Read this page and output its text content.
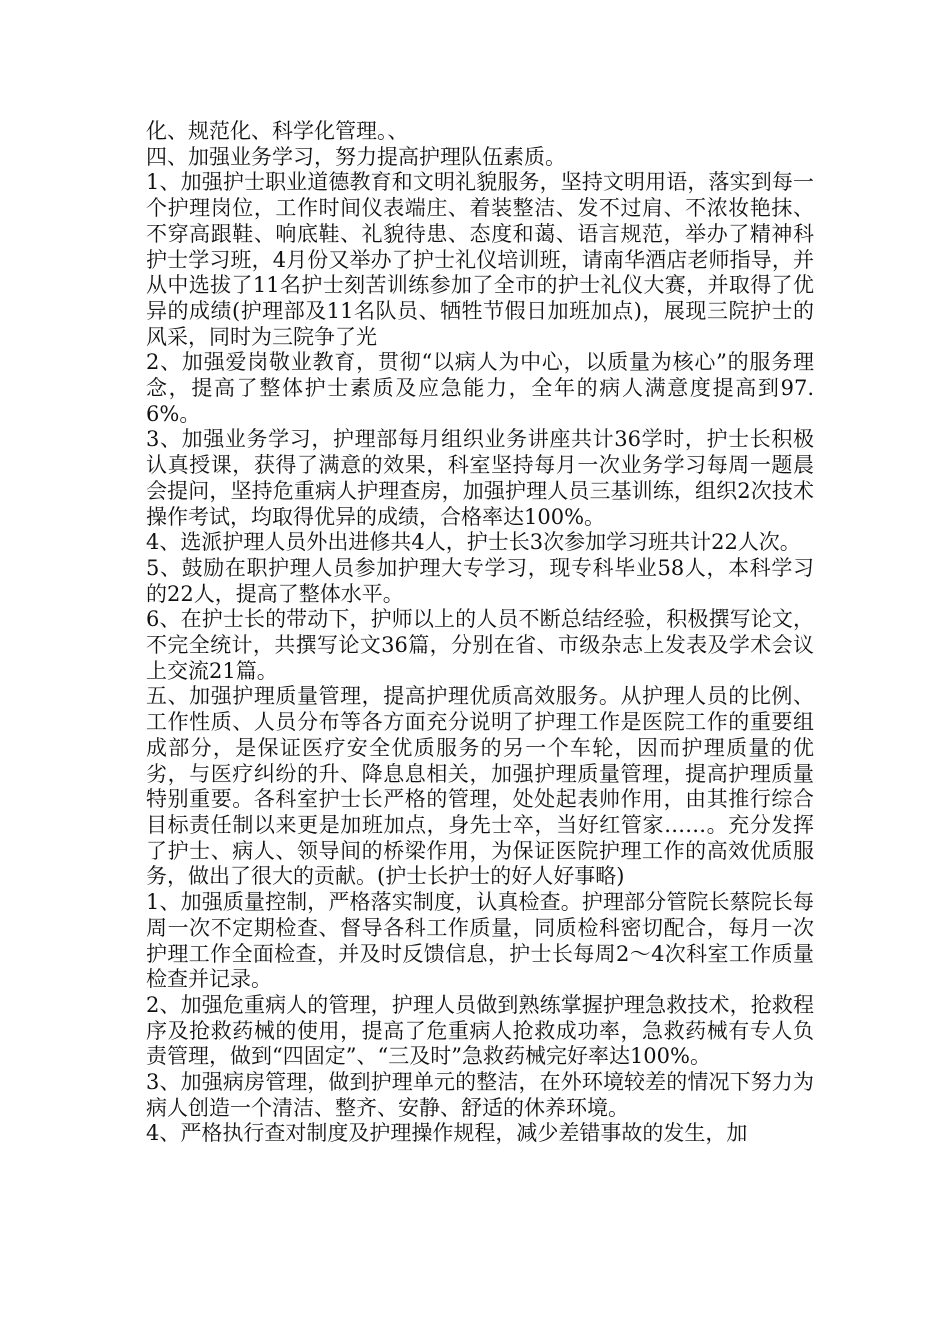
化、规范化、科学化管理。、

四、加强业务学习，努力提高护理队伍素质。

1、加强护士职业道德教育和文明礼貌服务，坚持文明用语，落实到每一个护理岗位，工作时间仪表端庄、着装整洁、发不过肩、不浓妆艳抹、不穿高跟鞋、响底鞋、礼貌待患、态度和蔼、语言规范，举办了精神科护士学习班，4月份又举办了护士礼仪培训班，请南华酒店老师指导，并从中选拔了11名护士刻苦训练参加了全市的护士礼仪大赛，并取得了优异的成绩(护理部及11名队员、牺牲节假日加班加点)，展现三院护士的风采，同时为三院争了光

2、加强爱岗敬业教育，贯彻“以病人为中心，以质量为核心”的服务理念，提高了整体护士素质及应急能力，全年的病人满意度提高到97.6%。

3、加强业务学习，护理部每月组织业务讲座共计36学时，护士长积极认真授课，获得了满意的效果，科室坚持每月一次业务学习每周一题晨会提问，坚持危重病人护理查房，加强护理人员三基训练，组织2次技术操作考试，均取得优异的成绩，合格率达100%。

4、选派护理人员外出进修共4人，护士长3次参加学习班共计22人次。

5、鼓励在职护理人员参加护理大专学习，现专科毕业58人，本科学习的22人，提高了整体水平。

6、在护士长的带动下，护师以上的人员不断总结经验，积极撰写论文，不完全统计，共撰写论文36篇，分别在省、市级杂志上发表及学术会议上交流21篇。

五、加强护理质量管理，提高护理优质高效服务。从护理人员的比例、工作性质、人员分布等各方面充分说明了护理工作是医院工作的重要组成部分，是保证医疗安全优质服务的另一个车轮，因而护理质量的优劣，与医疗纠纷的升、降息息相关，加强护理质量管理，提高护理质量特别重要。各科室护士长严格的管理，处处起表帅作用，由其推行综合目标责任制以来更是加班加点，身先士卒，当好红管家……。充分发挥了护士、病人、领导间的桥梁作用，为保证医院护理工作的高效优质服务，做出了很大的贡献。(护士长护士的好人好事略)

1、加强质量控制，严格落实制度，认真检查。护理部分管院长蔡院长每周一次不定期检查、督导各科工作质量，同质检科密切配合，每月一次护理工作全面检查，并及时反馈信息，护士长每周2～4次科室工作质量检查并记录。

2、加强危重病人的管理，护理人员做到熟练掌握护理急救技术，抢救程序及抢救药械的使用，提高了危重病人抢救成功率，急救药械有专人负责管理，做到“四固定”、“三及时”急救药械完好率达100%。

3、加强病房管理，做到护理单元的整洁，在外环境较差的情况下努力为病人创造一个清洁、整齐、安静、舒适的休养环境。

4、严格执行查对制度及护理操作规程，减少差错事故的发生，加
